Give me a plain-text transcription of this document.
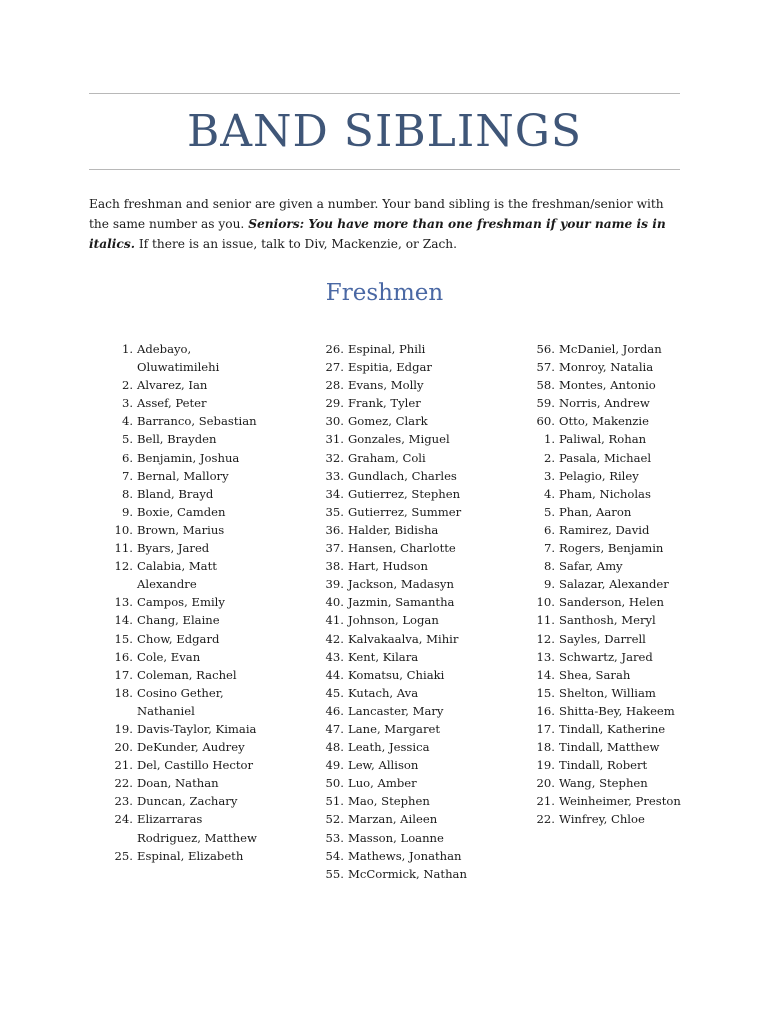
BAND SIBLINGS
Each freshman and senior are given a number. Your band sibling is the freshman/senior with the same number as you. Seniors: You have more than one freshman if your name is in italics. If there is an issue, talk to Div, Mackenzie, or Zach.
Freshmen
1. Adebayo, Oluwatimilehi
2. Alvarez, Ian
3. Assef, Peter
4. Barranco, Sebastian
5. Bell, Brayden
6. Benjamin, Joshua
7. Bernal, Mallory
8. Bland, Brayd
9. Boxie, Camden
10. Brown, Marius
11. Byars, Jared
12. Calabia, Matt Alexandre
13. Campos, Emily
14. Chang, Elaine
15. Chow, Edgard
16. Cole, Evan
17. Coleman, Rachel
18. Cosino Gether, Nathaniel
19. Davis-Taylor, Kimaia
20. DeKunder, Audrey
21. Del, Castillo Hector
22. Doan, Nathan
23. Duncan, Zachary
24. Elizarraras Rodriguez, Matthew
25. Espinal, Elizabeth
26. Espinal, Phili
27. Espitia, Edgar
28. Evans, Molly
29. Frank, Tyler
30. Gomez, Clark
31. Gonzales, Miguel
32. Graham, Coli
33. Gundlach, Charles
34. Gutierrez, Stephen
35. Gutierrez, Summer
36. Halder, Bidisha
37. Hansen, Charlotte
38. Hart, Hudson
39. Jackson, Madasyn
40. Jazmin, Samantha
41. Johnson, Logan
42. Kalvakaalva, Mihir
43. Kent, Kilara
44. Komatsu, Chiaki
45. Kutach, Ava
46. Lancaster, Mary
47. Lane, Margaret
48. Leath, Jessica
49. Lew, Allison
50. Luo, Amber
51. Mao, Stephen
52. Marzan, Aileen
53. Masson, Loanne
54. Mathews, Jonathan
55. McCormick, Nathan
56. McDaniel, Jordan
57. Monroy, Natalia
58. Montes, Antonio
59. Norris, Andrew
60. Otto, Makenzie
1. Paliwal, Rohan
2. Pasala, Michael
3. Pelagio, Riley
4. Pham, Nicholas
5. Phan, Aaron
6. Ramirez, David
7. Rogers, Benjamin
8. Safar, Amy
9. Salazar, Alexander
10. Sanderson, Helen
11. Santhosh, Meryl
12. Sayles, Darrell
13. Schwartz, Jared
14. Shea, Sarah
15. Shelton, William
16. Shitta-Bey, Hakeem
17. Tindall, Katherine
18. Tindall, Matthew
19. Tindall, Robert
20. Wang, Stephen
21. Weinheimer, Preston
22. Winfrey, Chloe
